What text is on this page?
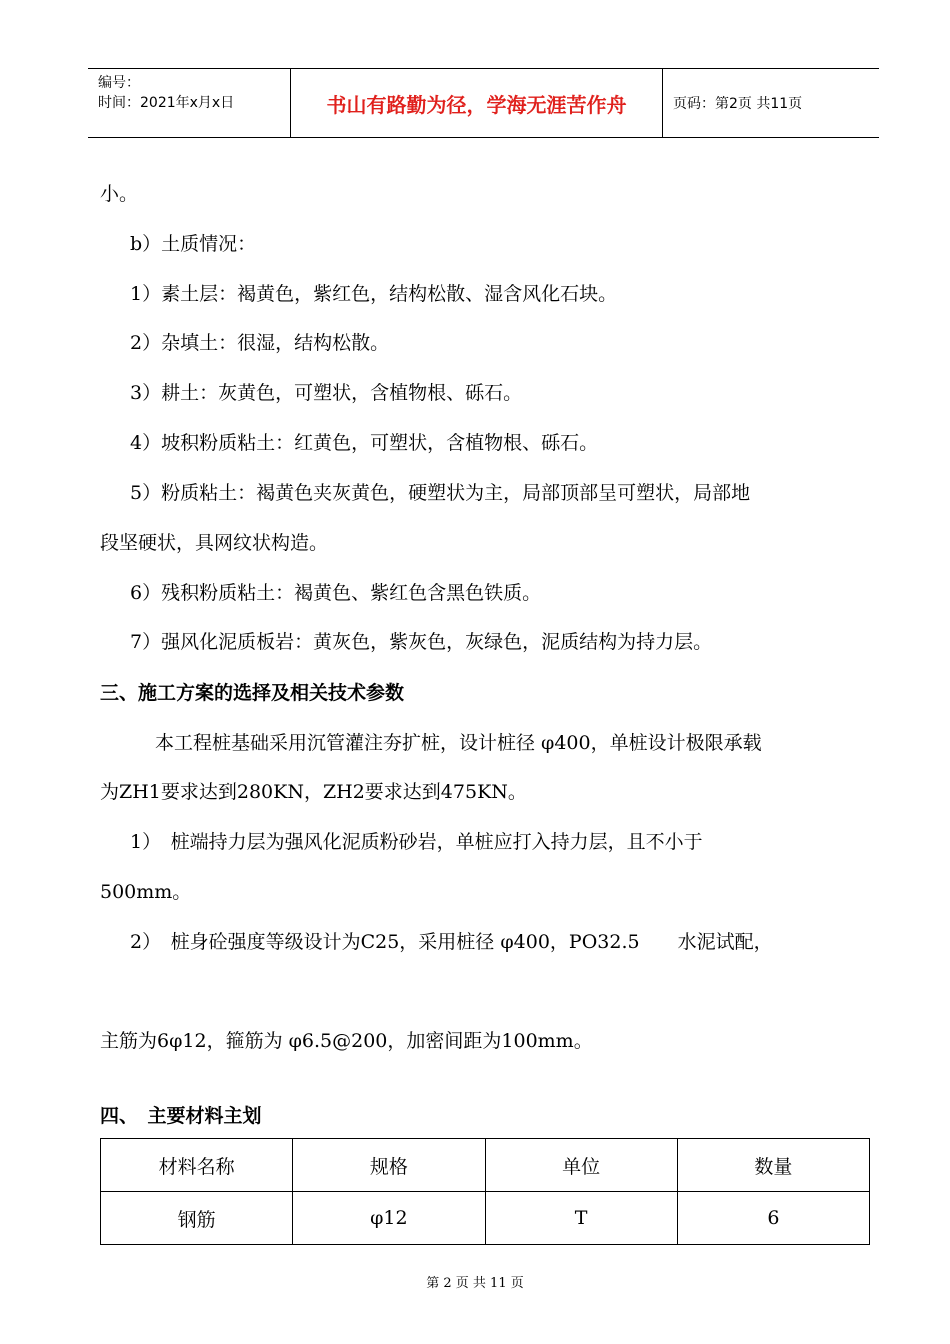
编号：
时间：2021年x月x日	书山有路勤为径，学海无涯苦作舟	页码：第2页 共11页
小。
b）土质情况：
1）素土层：褐黄色，紫红色，结构松散、湿含风化石块。
2）杂填土：很湿，结构松散。
3）耕土：灰黄色，可塑状，含植物根、砾石。
4）坡积粉质粘土：红黄色，可塑状，含植物根、砾石。
5）粉质粘土：褐黄色夹灰黄色，硬塑状为主，局部顶部呈可塑状，局部地
段坚硬状，具网纹状构造。
6）残积粉质粘土：褐黄色、紫红色含黑色铁质。
7）强风化泥质板岩：黄灰色，紫灰色，灰绿色，泥质结构为持力层。
三、施工方案的选择及相关技术参数
本工程桩基础采用沉管灌注夯扩桩，设计桩径 φ400，单桩设计极限承载
为ZH1要求达到280KN，ZH2要求达到475KN。
1）　桩端持力层为强风化泥质粉砂岩，单桩应打入持力层，且不小于
500mm。
2）　桩身砼强度等级设计为C25，采用桩径 φ400，PO32.5　　水泥试配，
主筋为6φ12，箍筋为 φ6.5@200，加密间距为100mm。
四、　主要材料主划
材料名称	规格	单位	数量
钢筋	φ12	T	6
第 2 页 共 11 页
